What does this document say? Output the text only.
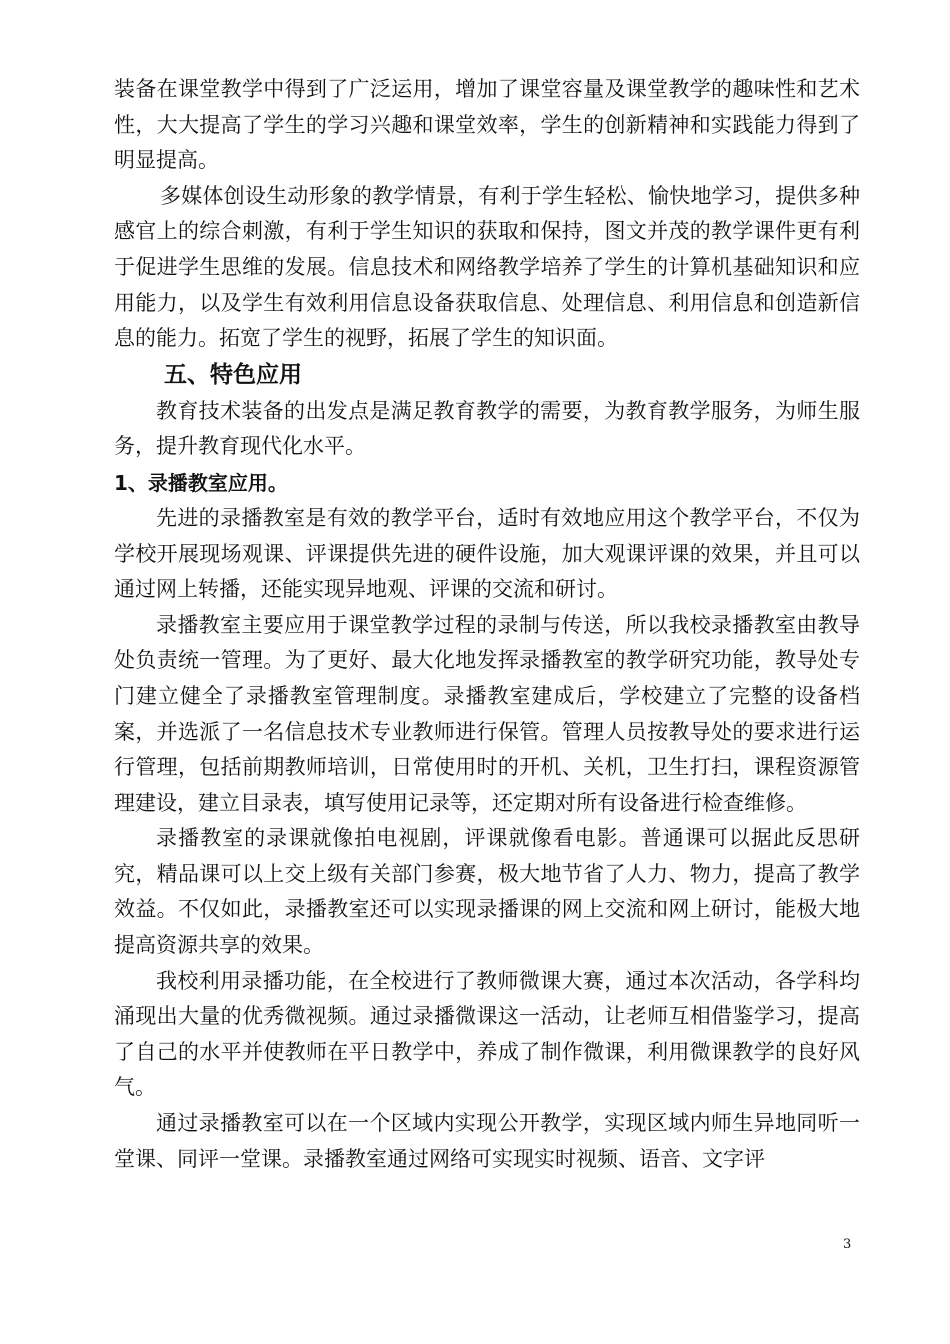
装备在课堂教学中得到了广泛运用，增加了课堂容量及课堂教学的趣味性和艺术性，大大提高了学生的学习兴趣和课堂效率，学生的创新精神和实践能力得到了明显提高。

多媒体创设生动形象的教学情景，有利于学生轻松、愉快地学习，提供多种感官上的综合刺激，有利于学生知识的获取和保持，图文并茂的教学课件更有利于促进学生思维的发展。信息技术和网络教学培养了学生的计算机基础知识和应用能力，以及学生有效利用信息设备获取信息、处理信息、利用信息和创造新信息的能力。拓宽了学生的视野，拓展了学生的知识面。

五、特色应用

教育技术装备的出发点是满足教育教学的需要，为教育教学服务，为师生服务，提升教育现代化水平。

1、录播教室应用。

先进的录播教室是有效的教学平台，适时有效地应用这个教学平台，不仅为学校开展现场观课、评课提供先进的硬件设施，加大观课评课的效果，并且可以通过网上转播，还能实现异地观、评课的交流和研讨。

录播教室主要应用于课堂教学过程的录制与传送，所以我校录播教室由教导处负责统一管理。为了更好、最大化地发挥录播教室的教学研究功能，教导处专门建立健全了录播教室管理制度。录播教室建成后，学校建立了完整的设备档案，并选派了一名信息技术专业教师进行保管。管理人员按教导处的要求进行运行管理，包括前期教师培训，日常使用时的开机、关机，卫生打扫，课程资源管理建设，建立目录表，填写使用记录等，还定期对所有设备进行检查维修。

录播教室的录课就像拍电视剧，评课就像看电影。普通课可以据此反思研究，精品课可以上交上级有关部门参赛，极大地节省了人力、物力，提高了教学效益。不仅如此，录播教室还可以实现录播课的网上交流和网上研讨，能极大地提高资源共享的效果。

我校利用录播功能，在全校进行了教师微课大赛，通过本次活动，各学科均涌现出大量的优秀微视频。通过录播微课这一活动，让老师互相借鉴学习，提高了自己的水平并使教师在平日教学中，养成了制作微课，利用微课教学的良好风气。

通过录播教室可以在一个区域内实现公开教学，实现区域内师生异地同听一堂课、同评一堂课。录播教室通过网络可实现实时视频、语音、文字评

3
